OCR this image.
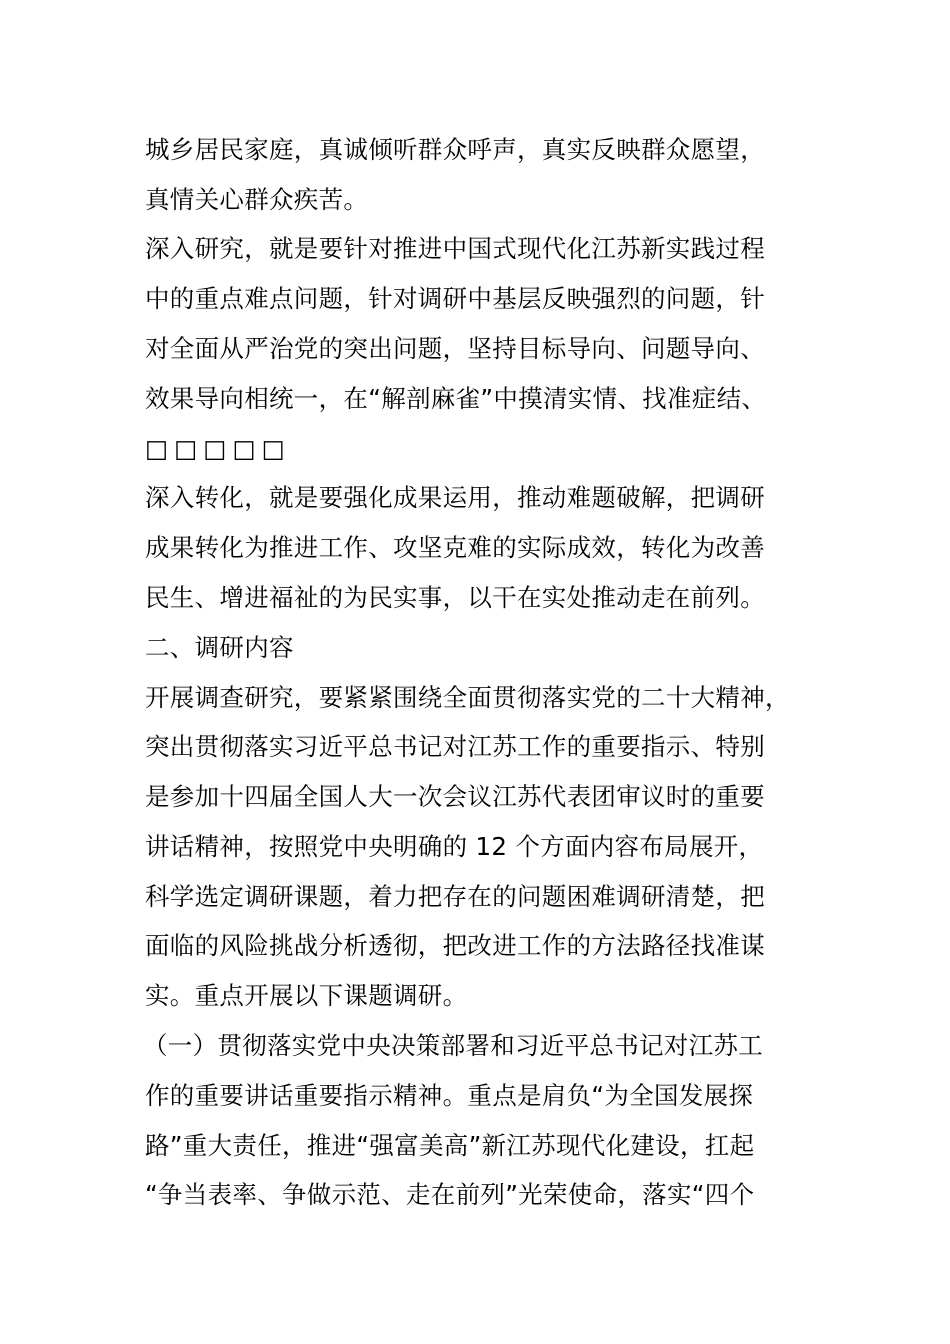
城乡居民家庭，真诚倾听群众呼声，真实反映群众愿望，
真情关心群众疾苦。
深入研究，就是要针对推进中国式现代化江苏新实践过程
中的重点难点问题，针对调研中基层反映强烈的问题，针
对全面从严治党的突出问题，坚持目标导向、问题导向、
效果导向相统一，在“解剖麻雀”中摸清实情、找准症结、
□□□□□
深入转化，就是要强化成果运用，推动难题破解，把调研
成果转化为推进工作、攻坚克难的实际成效，转化为改善
民生、增进福祉的为民实事，以干在实处推动走在前列。
二、调研内容
开展调查研究，要紧紧围绕全面贯彻落实党的二十大精神，
突出贯彻落实习近平总书记对江苏工作的重要指示、特别
是参加十四届全国人大一次会议江苏代表团审议时的重要
讲话精神，按照党中央明确的 12 个方面内容布局展开，
科学选定调研课题，着力把存在的问题困难调研清楚，把
面临的风险挑战分析透彻，把改进工作的方法路径找准谋
实。重点开展以下课题调研。
（一）贯彻落实党中央决策部署和习近平总书记对江苏工
作的重要讲话重要指示精神。重点是肩负“为全国发展探
路”重大责任，推进“强富美高”新江苏现代化建设，扛起
“争当表率、争做示范、走在前列”光荣使命，落实“四个
